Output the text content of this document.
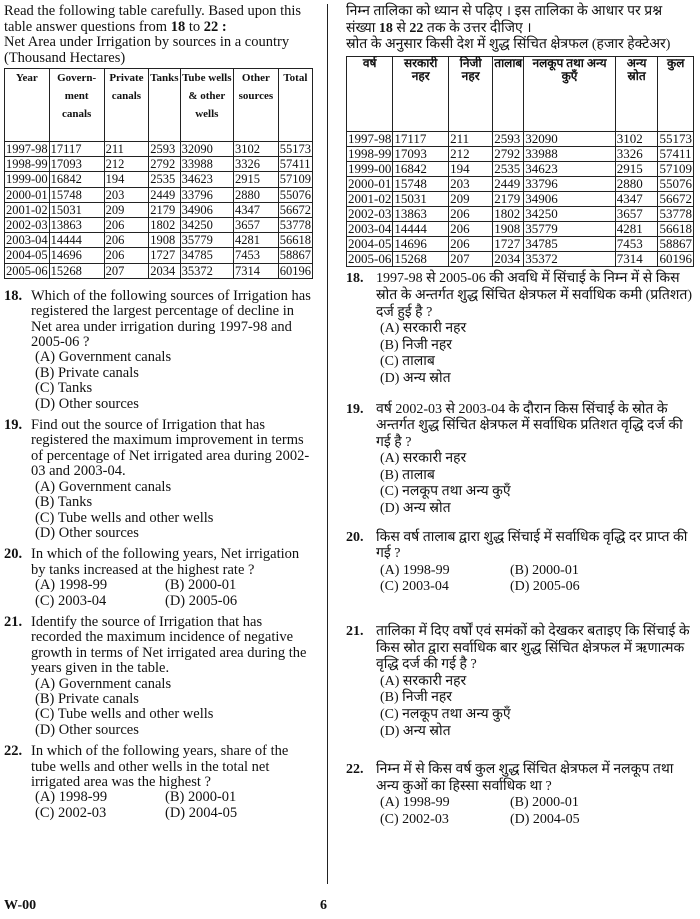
Read the following table carefully. Based upon this table answer questions from 18 to 22 :
Net Area under Irrigation by sources in a country (Thousand Hectares)
Year	Govern-ment canals	Private canals	Tanks	Tube wells & other wells	Other sources	Total
1997-98	17117	211	2593	32090	3102	55173
1998-99	17093	212	2792	33988	3326	57411
1999-00	16842	194	2535	34623	2915	57109
2000-01	15748	203	2449	33796	2880	55076
2001-02	15031	209	2179	34906	4347	56672
2002-03	13863	206	1802	34250	3657	53778
2003-04	14444	206	1908	35779	4281	56618
2004-05	14696	206	1727	34785	7453	58867
2005-06	15268	207	2034	35372	7314	60196
18. Which of the following sources of Irrigation has registered the largest percentage of decline in Net area under irrigation during 1997-98 and 2005-06 ?
(A) Government canals
(B) Private canals
(C) Tanks
(D) Other sources
19. Find out the source of Irrigation that has registered the maximum improvement in terms of percentage of Net irrigated area during 2002-03 and 2003-04.
(A) Government canals
(B) Tanks
(C) Tube wells and other wells
(D) Other sources
20. In which of the following years, Net irrigation by tanks increased at the highest rate ?
(A) 1998-99	(B) 2000-01
(C) 2003-04	(D) 2005-06
21. Identify the source of Irrigation that has recorded the maximum incidence of negative growth in terms of Net irrigated area during the years given in the table.
(A) Government canals
(B) Private canals
(C) Tube wells and other wells
(D) Other sources
22. In which of the following years, share of the tube wells and other wells in the total net irrigated area was the highest ?
(A) 1998-99	(B) 2000-01
(C) 2002-03	(D) 2004-05
निम्न तालिका को ध्यान से पढ़िए । इस तालिका के आधार पर प्रश्न संख्या 18 से 22 तक के उत्तर दीजिए ।
स्रोत के अनुसार किसी देश में शुद्ध सिंचित क्षेत्रफल (हजार हेक्टेअर)
वर्ष	सरकारी नहर	निजी नहर	तालाब	नलकूप तथा अन्य कुएँ	अन्य स्रोत	कुल
1997-98	17117	211	2593	32090	3102	55173
1998-99	17093	212	2792	33988	3326	57411
1999-00	16842	194	2535	34623	2915	57109
2000-01	15748	203	2449	33796	2880	55076
2001-02	15031	209	2179	34906	4347	56672
2002-03	13863	206	1802	34250	3657	53778
2003-04	14444	206	1908	35779	4281	56618
2004-05	14696	206	1727	34785	7453	58867
2005-06	15268	207	2034	35372	7314	60196
18. 1997-98 से 2005-06 की अवधि में सिंचाई के निम्न में से किस स्रोत के अन्तर्गत शुद्ध सिंचित क्षेत्रफल में सर्वाधिक कमी (प्रतिशत) दर्ज हुई है ?
(A) सरकारी नहर
(B) निजी नहर
(C) तालाब
(D) अन्य स्रोत
19. वर्ष 2002-03 से 2003-04 के दौरान किस सिंचाई के स्रोत के अन्तर्गत शुद्ध सिंचित क्षेत्रफल में सर्वाधिक प्रतिशत वृद्धि दर्ज की गई है ?
(A) सरकारी नहर
(B) तालाब
(C) नलकूप तथा अन्य कुएँ
(D) अन्य स्रोत
20. किस वर्ष तालाब द्वारा शुद्ध सिंचाई में सर्वाधिक वृद्धि दर प्राप्त की गई ?
(A) 1998-99	(B) 2000-01
(C) 2003-04	(D) 2005-06
21. तालिका में दिए वर्षों एवं समंकों को देखकर बताइए कि सिंचाई के किस स्रोत द्वारा सर्वाधिक बार शुद्ध सिंचित क्षेत्रफल में ऋणात्मक वृद्धि दर्ज की गई है ?
(A) सरकारी नहर
(B) निजी नहर
(C) नलकूप तथा अन्य कुएँ
(D) अन्य स्रोत
22. निम्न में से किस वर्ष कुल शुद्ध सिंचित क्षेत्रफल में नलकूप तथा अन्य कुओं का हिस्सा सर्वाधिक था ?
(A) 1998-99	(B) 2000-01
(C) 2002-03	(D) 2004-05
W-00	6
